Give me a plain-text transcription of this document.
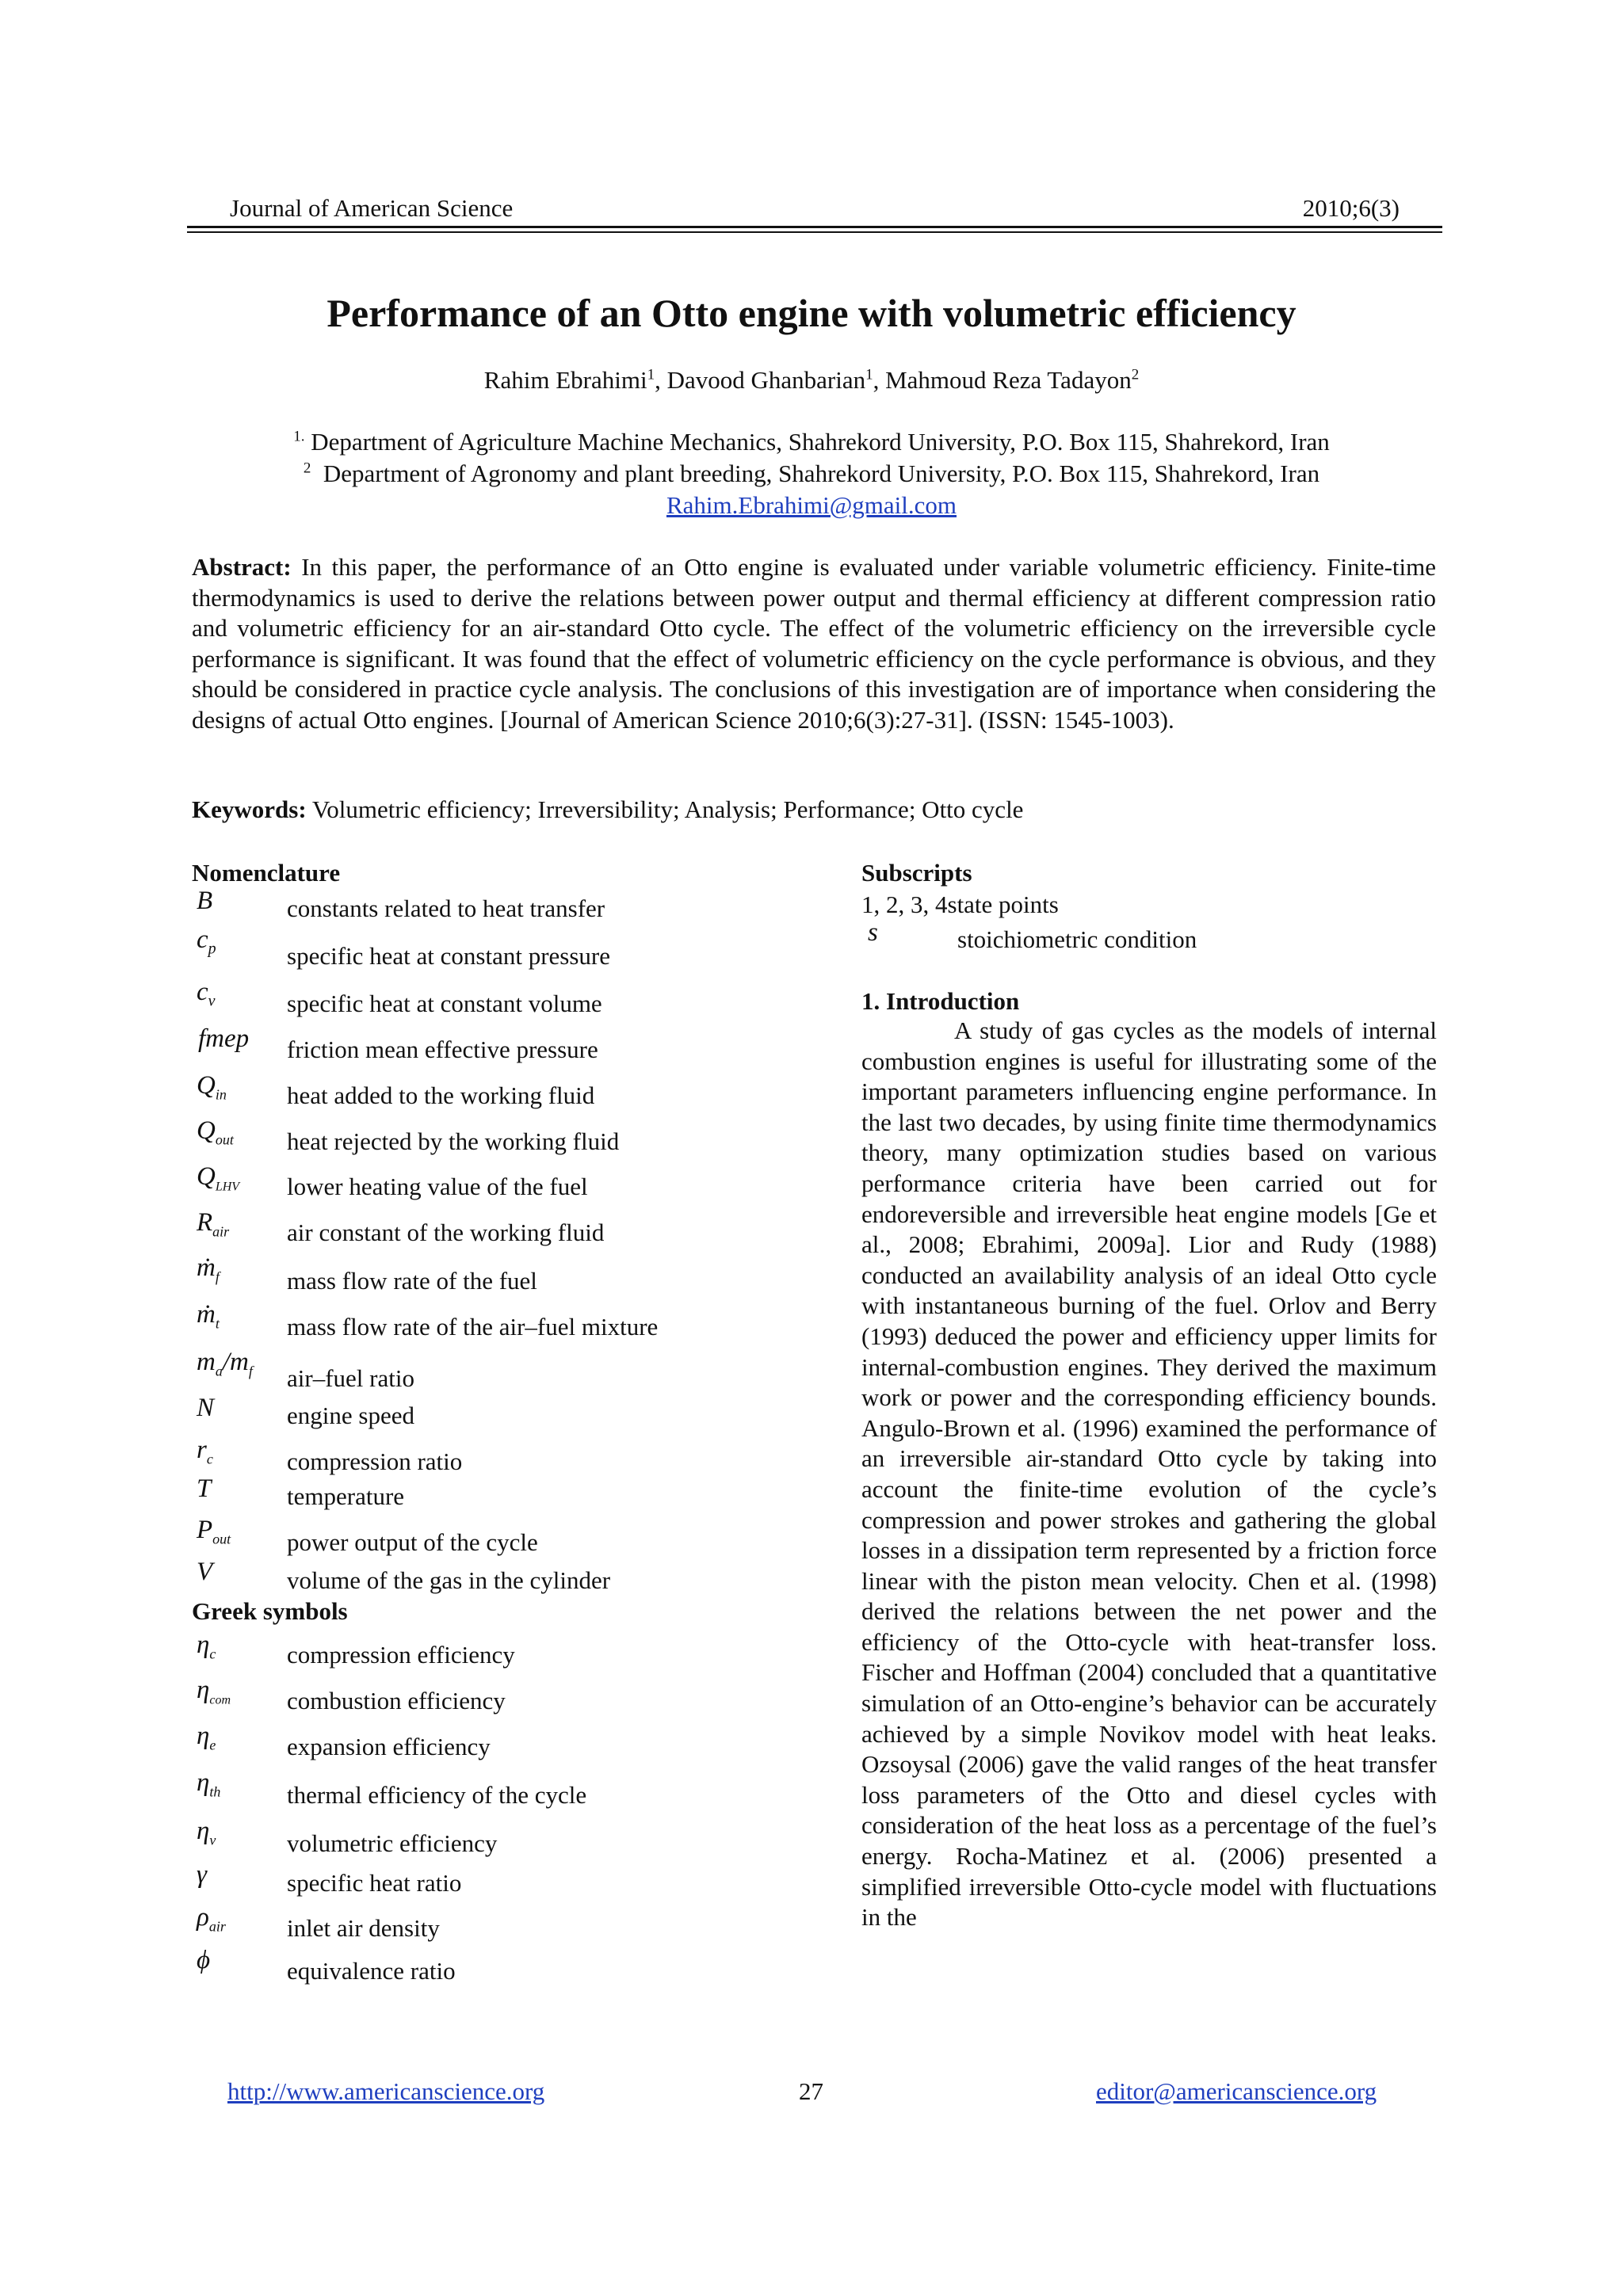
Journal of American Science	2010;6(3)
Performance of an Otto engine with volumetric efficiency
Rahim Ebrahimi$^1$, Davood Ghanbarian$^1$, Mahmoud Reza Tadayon$^2$
$^{1.}$ Department of Agriculture Machine Mechanics, Shahrekord University, P.O. Box 115, Shahrekord, Iran
$^2$ Department of Agronomy and plant breeding, Shahrekord University, P.O. Box 115, Shahrekord, Iran
Rahim.Ebrahimi@gmail.com
Abstract: In this paper, the performance of an Otto engine is evaluated under variable volumetric efficiency. Finite-time thermodynamics is used to derive the relations between power output and thermal efficiency at different compression ratio and volumetric efficiency for an air-standard Otto cycle. The effect of the volumetric efficiency on the irreversible cycle performance is significant. It was found that the effect of volumetric efficiency on the cycle performance is obvious, and they should be considered in practice cycle analysis. The conclusions of this investigation are of importance when considering the designs of actual Otto engines. [Journal of American Science 2010;6(3):27-31]. (ISSN: 1545-1003).
Keywords: Volumetric efficiency; Irreversibility; Analysis; Performance; Otto cycle
Nomenclature
B	constants related to heat transfer
$c_p$	specific heat at constant pressure
$c_v$	specific heat at constant volume
fmep friction mean effective pressure
$Q_{in}$ heat added to the working fluid
$Q_{out}$ heat rejected by the working fluid
$Q_{LHV}$ lower heating value of the fuel
$R_{air}$ air constant of the working fluid
ṁ$_f$	mass flow rate of the fuel
ṁ$_t$	mass flow rate of the air–fuel mixture
$m_a/m_f$ air–fuel ratio
N	engine speed
$r_c$	compression ratio
T	temperature
$P_{out}$ power output of the cycle
V	volume of the gas in the cylinder
Greek symbols
$\eta_c$	compression efficiency
$\eta_{com}$ combustion efficiency
$\eta_e$	expansion efficiency
$\eta_{th}$	thermal efficiency of the cycle
$\eta_v$	volumetric efficiency
γ	specific heat ratio
$\rho_{air}$ inlet air density
ϕ	equivalence ratio
Subscripts
1, 2, 3, 4state points
s	stoichiometric condition
1. Introduction
A study of gas cycles as the models of internal combustion engines is useful for illustrating some of the important parameters influencing engine performance. In the last two decades, by using finite time thermodynamics theory, many optimization studies based on various performance criteria have been carried out for endoreversible and irreversible heat engine models [Ge et al., 2008; Ebrahimi, 2009a]. Lior and Rudy (1988) conducted an availability analysis of an ideal Otto cycle with instantaneous burning of the fuel. Orlov and Berry (1993) deduced the power and efficiency upper limits for internal-combustion engines. They derived the maximum work or power and the corresponding efficiency bounds. Angulo-Brown et al. (1996) examined the performance of an irreversible air-standard Otto cycle by taking into account the finite-time evolution of the cycle’s compression and power strokes and gathering the global losses in a dissipation term represented by a friction force linear with the piston mean velocity. Chen et al. (1998) derived the relations between the net power and the efficiency of the Otto-cycle with heat-transfer loss. Fischer and Hoffman (2004) concluded that a quantitative simulation of an Otto-engine’s behavior can be accurately achieved by a simple Novikov model with heat leaks. Ozsoysal (2006) gave the valid ranges of the heat transfer loss parameters of the Otto and diesel cycles with consideration of the heat loss as a percentage of the fuel’s energy. Rocha-Matinez et al. (2006) presented a simplified irreversible Otto-cycle model with fluctuations in the
http://www.americanscience.org	27	editor@americanscience.org
